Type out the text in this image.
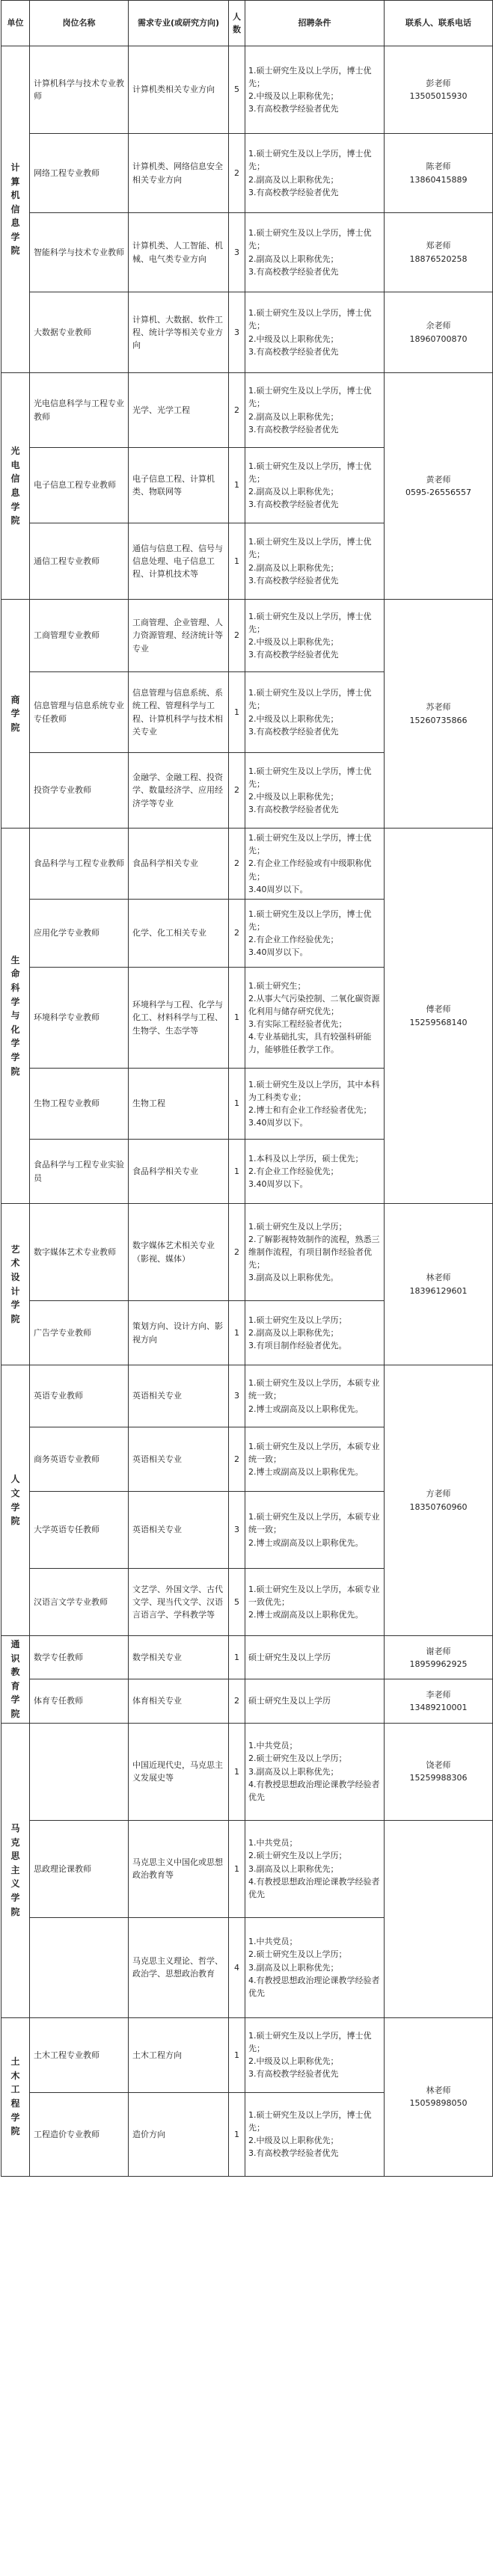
单位	岗位名称	需求专业(或研究方向)	人数	招聘条件	联系人、联系电话
计算机信息学院	计算机科学与技术专业教师	计算机类相关专业方向	5	1.硕士研究生及以上学历，博士优先；
2.中级及以上职称优先；
3.有高校教学经验者优先	彭老师
13505015930
	网络工程专业教师	计算机类、网络信息安全相关专业方向	2	1.硕士研究生及以上学历，博士优先；
2.副高及以上职称优先；
3.有高校教学经验者优先	陈老师
13860415889
	智能科学与技术专业教师	计算机类、人工智能、机械、电气类专业方向	3	1.硕士研究生及以上学历，博士优先；
2.副高及以上职称优先；
3.有高校教学经验者优先	郑老师
18876520258
	大数据专业教师	计算机、大数据、软件工程、统计学等相关专业方向	3	1.硕士研究生及以上学历，博士优先；
2.中级及以上职称优先；
3.有高校教学经验者优先	余老师
18960700870
光电信息学院	光电信息科学与工程专业教师	光学、光学工程	2	1.硕士研究生及以上学历，博士优先；
2.副高及以上职称优先；
3.有高校教学经验者优先	黄老师
0595-26556557
	电子信息工程专业教师	电子信息工程、计算机类、物联网等	1	1.硕士研究生及以上学历，博士优先；
2.副高及以上职称优先；
3.有高校教学经验者优先	
	通信工程专业教师	通信与信息工程、信号与信息处理、电子信息工程、计算机技术等	1	1.硕士研究生及以上学历，博士优先；
2.副高及以上职称优先；
3.有高校教学经验者优先	
商学院	工商管理专业教师	工商管理、企业管理、人力资源管理、经济统计等专业	2	1.硕士研究生及以上学历，博士优先；
2.中级及以上职称优先；
3.有高校教学经验者优先	苏老师
15260735866
	信息管理与信息系统专业专任教师	信息管理与信息系统、系统工程、管理科学与工程、计算机科学与技术相关专业	1	1.硕士研究生及以上学历，博士优先；
2.中级及以上职称优先；
3.有高校教学经验者优先	
	投资学专业教师	金融学、金融工程、投资学、数量经济学、应用经济学等专业	2	1.硕士研究生及以上学历，博士优先；
2.中级及以上职称优先；
3.有高校教学经验者优先	
生命科学与化学学院	食品科学与工程专业教师	食品科学相关专业	2	1.硕士研究生及以上学历，博士优先；
2.有企业工作经验或有中级职称优先；
3.40周岁以下。	傅老师
15259568140
	应用化学专业教师	化学、化工相关专业	2	1.硕士研究生及以上学历，博士优先；
2.有企业工作经验优先；
3.40周岁以下。	
	环境科学专业教师	环境科学与工程、化学与化工、材料科学与工程、生物学、生态学等	1	1.硕士研究生；
2.从事大气污染控制、二氧化碳资源化利用与储存研究优先；
3.有实际工程经验者优先；
4.专业基础扎实，具有较强科研能力，能够胜任教学工作。	
	生物工程专业教师	生物工程	1	1.硕士研究生及以上学历，其中本科为工科类专业；
2.博士和有企业工作经验者优先；
3.40周岁以下。	
	食品科学与工程专业实验员	食品科学相关专业	1	1.本科及以上学历，硕士优先；
2.有企业工作经验优先；
3.40周岁以下。	
艺术设计学院	数字媒体艺术专业教师	数字媒体艺术相关专业（影视、媒体）	2	1.硕士研究生及以上学历；
2.了解影视特效制作的流程，熟悉三维制作流程，有项目制作经验者优先；
3.副高及以上职称优先。	林老师
18396129601
	广告学专业教师	策划方向、设计方向、影视方向	1	1.硕士研究生及以上学历；
2.副高及以上职称优先；
3.有项目制作经验者优先。	
人文学院	英语专业教师	英语相关专业	3	1.硕士研究生及以上学历，本硕专业统一致；
2.博士或副高及以上职称优先。	方老师
18350760960
	商务英语专业教师	英语相关专业	2	1.硕士研究生及以上学历，本硕专业统一致；
2.博士或副高及以上职称优先。	
	大学英语专任教师	英语相关专业	3	1.硕士研究生及以上学历，本硕专业统一致；
2.博士或副高及以上职称优先。	
	汉语言文学专业教师	文艺学、外国文学、古代文学、现当代文学、汉语言语言学、学科教学等	5	1.硕士研究生及以上学历，本硕专业一致优先；
2.博士或副高及以上职称优先。	
通识教育学院	数学专任教师	数学相关专业	1	硕士研究生及以上学历	谢老师
18959962925
	体育专任教师	体育相关专业	2	硕士研究生及以上学历	李老师
13489210001
马克思主义学院		中国近现代史，马克思主义发展史等	1	1.中共党员；
2.硕士研究生及以上学历；
3.副高及以上职称优先；
4.有教授思想政治理论课教学经验者优先	饶老师
15259988306
	思政理论课教师	马克思主义中国化或思想政治教育等	1	1.中共党员；
2.硕士研究生及以上学历；
3.副高及以上职称优先；
4.有教授思想政治理论课教学经验者优先	
		马克思主义理论、哲学、政治学、思想政治教育	4	1.中共党员；
2.硕士研究生及以上学历；
3.副高及以上职称优先；
4.有教授思想政治理论课教学经验者优先	
土木工程学院	土木工程专业教师	土木工程方向	1	1.硕士研究生及以上学历，博士优先；
2.中级及以上职称优先；
3.有高校教学经验者优先	林老师
15059898050
	工程造价专业教师	造价方向	1	1.硕士研究生及以上学历，博士优先；
2.中级及以上职称优先；
3.有高校教学经验者优先	
